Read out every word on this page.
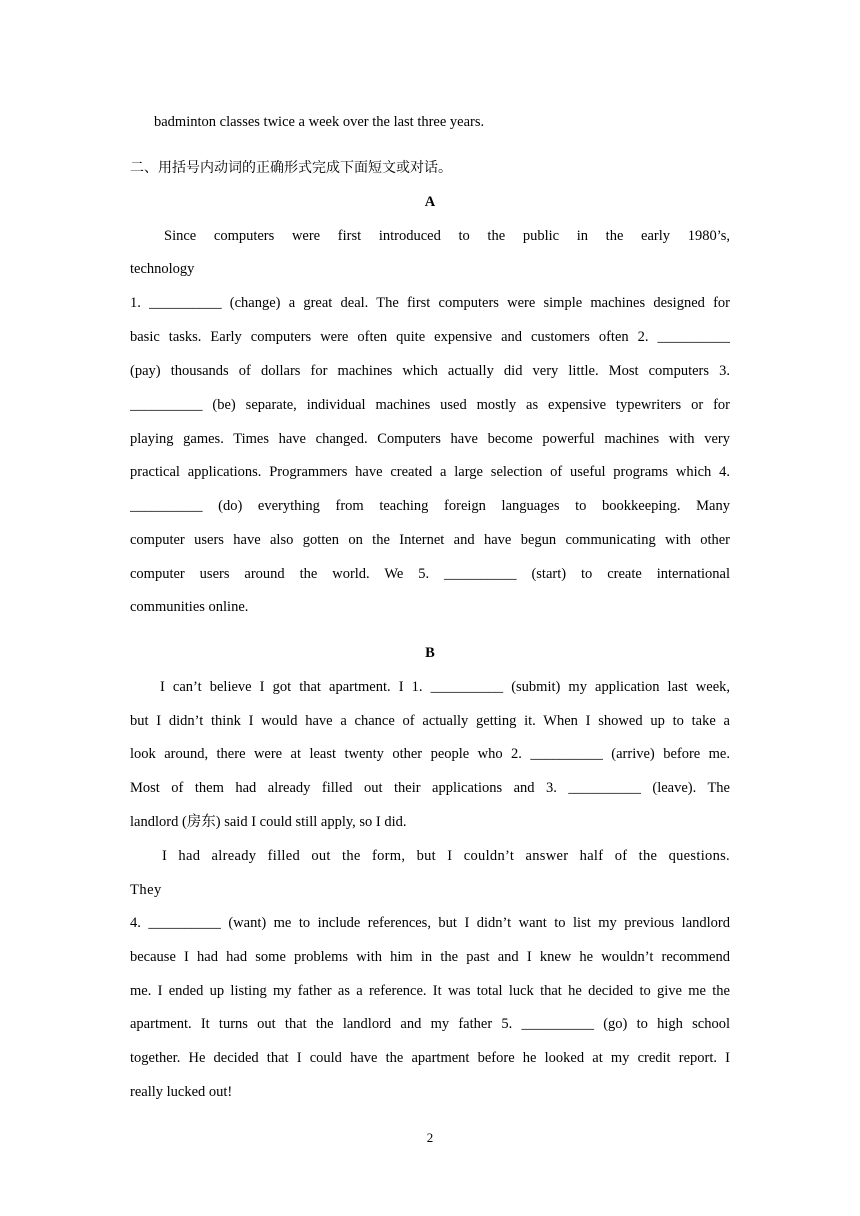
badminton classes twice a week over the last three years.
二、用括号内动词的正确形式完成下面短文或对话。
A
Since computers were first introduced to the public in the early 1980’s,
technology
1. __________ (change) a great deal. The first computers were simple machines designed for
basic tasks. Early computers were often quite expensive and customers often 2. __________
(pay) thousands of dollars for machines which actually did very little. Most computers 3.
__________ (be) separate, individual machines used mostly as expensive typewriters or for
playing games. Times have changed. Computers have become powerful machines with very
practical applications. Programmers have created a large selection of useful programs which 4.
__________ (do) everything from teaching foreign languages to bookkeeping. Many
computer users have also gotten on the Internet and have begun communicating with other
computer users around the world. We 5. __________ (start) to create international
communities online.
B
I can’t believe I got that apartment. I 1. __________ (submit) my application last week,
but I didn’t think I would have a chance of actually getting it. When I showed up to take a
look around, there were at least twenty other people who 2. __________ (arrive) before me.
Most of them had already filled out their applications and 3. __________ (leave). The
landlord (房东) said I could still apply, so I did.
I had already filled out the form, but I couldn’t answer half of the questions.
They
4. __________ (want) me to include references, but I didn’t want to list my previous landlord
because I had had some problems with him in the past and I knew he wouldn’t recommend
me. I ended up listing my father as a reference. It was total luck that he decided to give me the
apartment. It turns out that the landlord and my father 5. __________ (go) to high school
together. He decided that I could have the apartment before he looked at my credit report. I
really lucked out!
2
